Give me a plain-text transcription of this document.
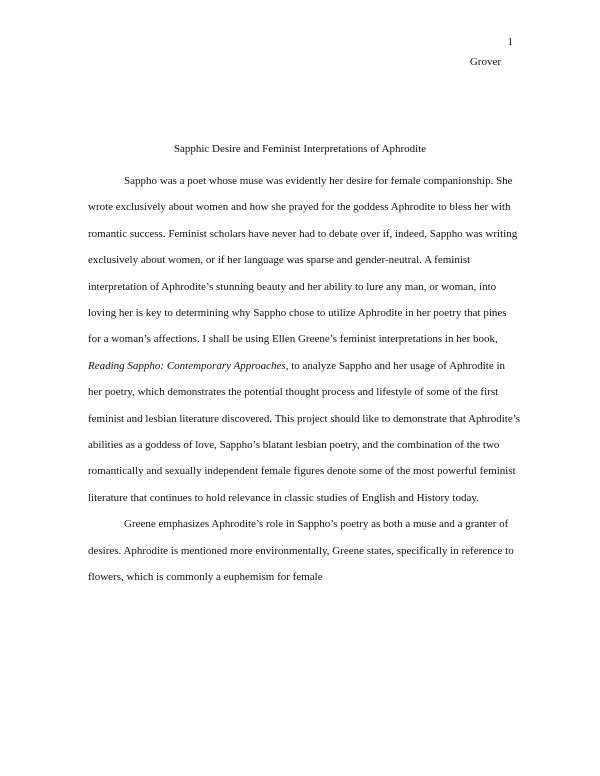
1
Grover
Sapphic Desire and Feminist Interpretations of Aphrodite

Sappho was a poet whose muse was evidently her desire for female companionship. She wrote exclusively about women and how she prayed for the goddess Aphrodite to bless her with romantic success. Feminist scholars have never had to debate over if, indeed, Sappho was writing exclusively about women, or if her language was sparse and gender-neutral. A feminist interpretation of Aphrodite’s stunning beauty and her ability to lure any man, or woman, into loving her is key to determining why Sappho chose to utilize Aphrodite in her poetry that pines for a woman’s affections. I shall be using Ellen Greene’s feminist interpretations in her book, Reading Sappho: Contemporary Approaches, to analyze Sappho and her usage of Aphrodite in her poetry, which demonstrates the potential thought process and lifestyle of some of the first feminist and lesbian literature discovered. This project should like to demonstrate that Aphrodite’s abilities as a goddess of love, Sappho’s blatant lesbian poetry, and the combination of the two romantically and sexually independent female figures denote some of the most powerful feminist literature that continues to hold relevance in classic studies of English and History today.

Greene emphasizes Aphrodite’s role in Sappho’s poetry as both a muse and a granter of desires. Aphrodite is mentioned more environmentally, Greene states, specifically in reference to flowers, which is commonly a euphemism for female
